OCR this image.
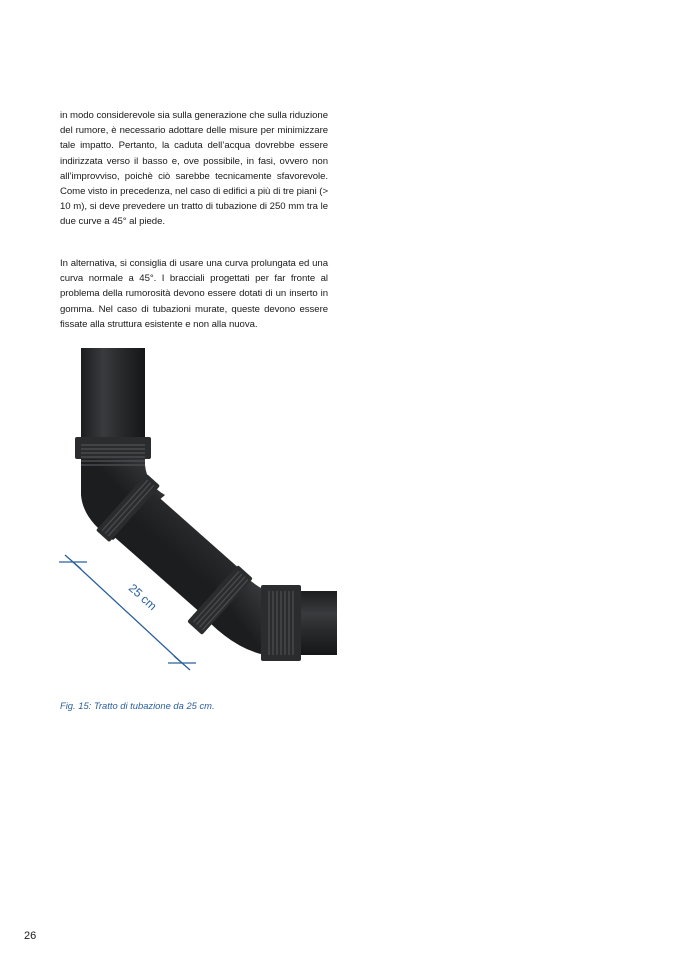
in modo considerevole sia sulla generazione che sulla riduzione del rumore, è necessario adottare delle misure per minimizzare tale impatto. Pertanto, la caduta dell’acqua dovrebbe essere indirizzata verso il basso e, ove possibile, in fasi, ovvero non all’improvviso, poichè ciò sarebbe tecnicamente sfavorevole. Come visto in precedenza, nel caso di edifici a più di tre piani (> 10 m), si deve prevedere un tratto di tubazione di 250 mm tra le due curve a 45° al piede.

In alternativa, si consiglia di usare una curva prolungata ed una curva normale a 45°. I bracciali progettati per far fronte al problema della rumorosità devono essere dotati di un inserto in gomma. Nel caso di tubazioni murate, queste devono essere fissate alla struttura esistente e non alla nuova.

25 cm

Fig. 15: Tratto di tubazione da 25 cm.

26
